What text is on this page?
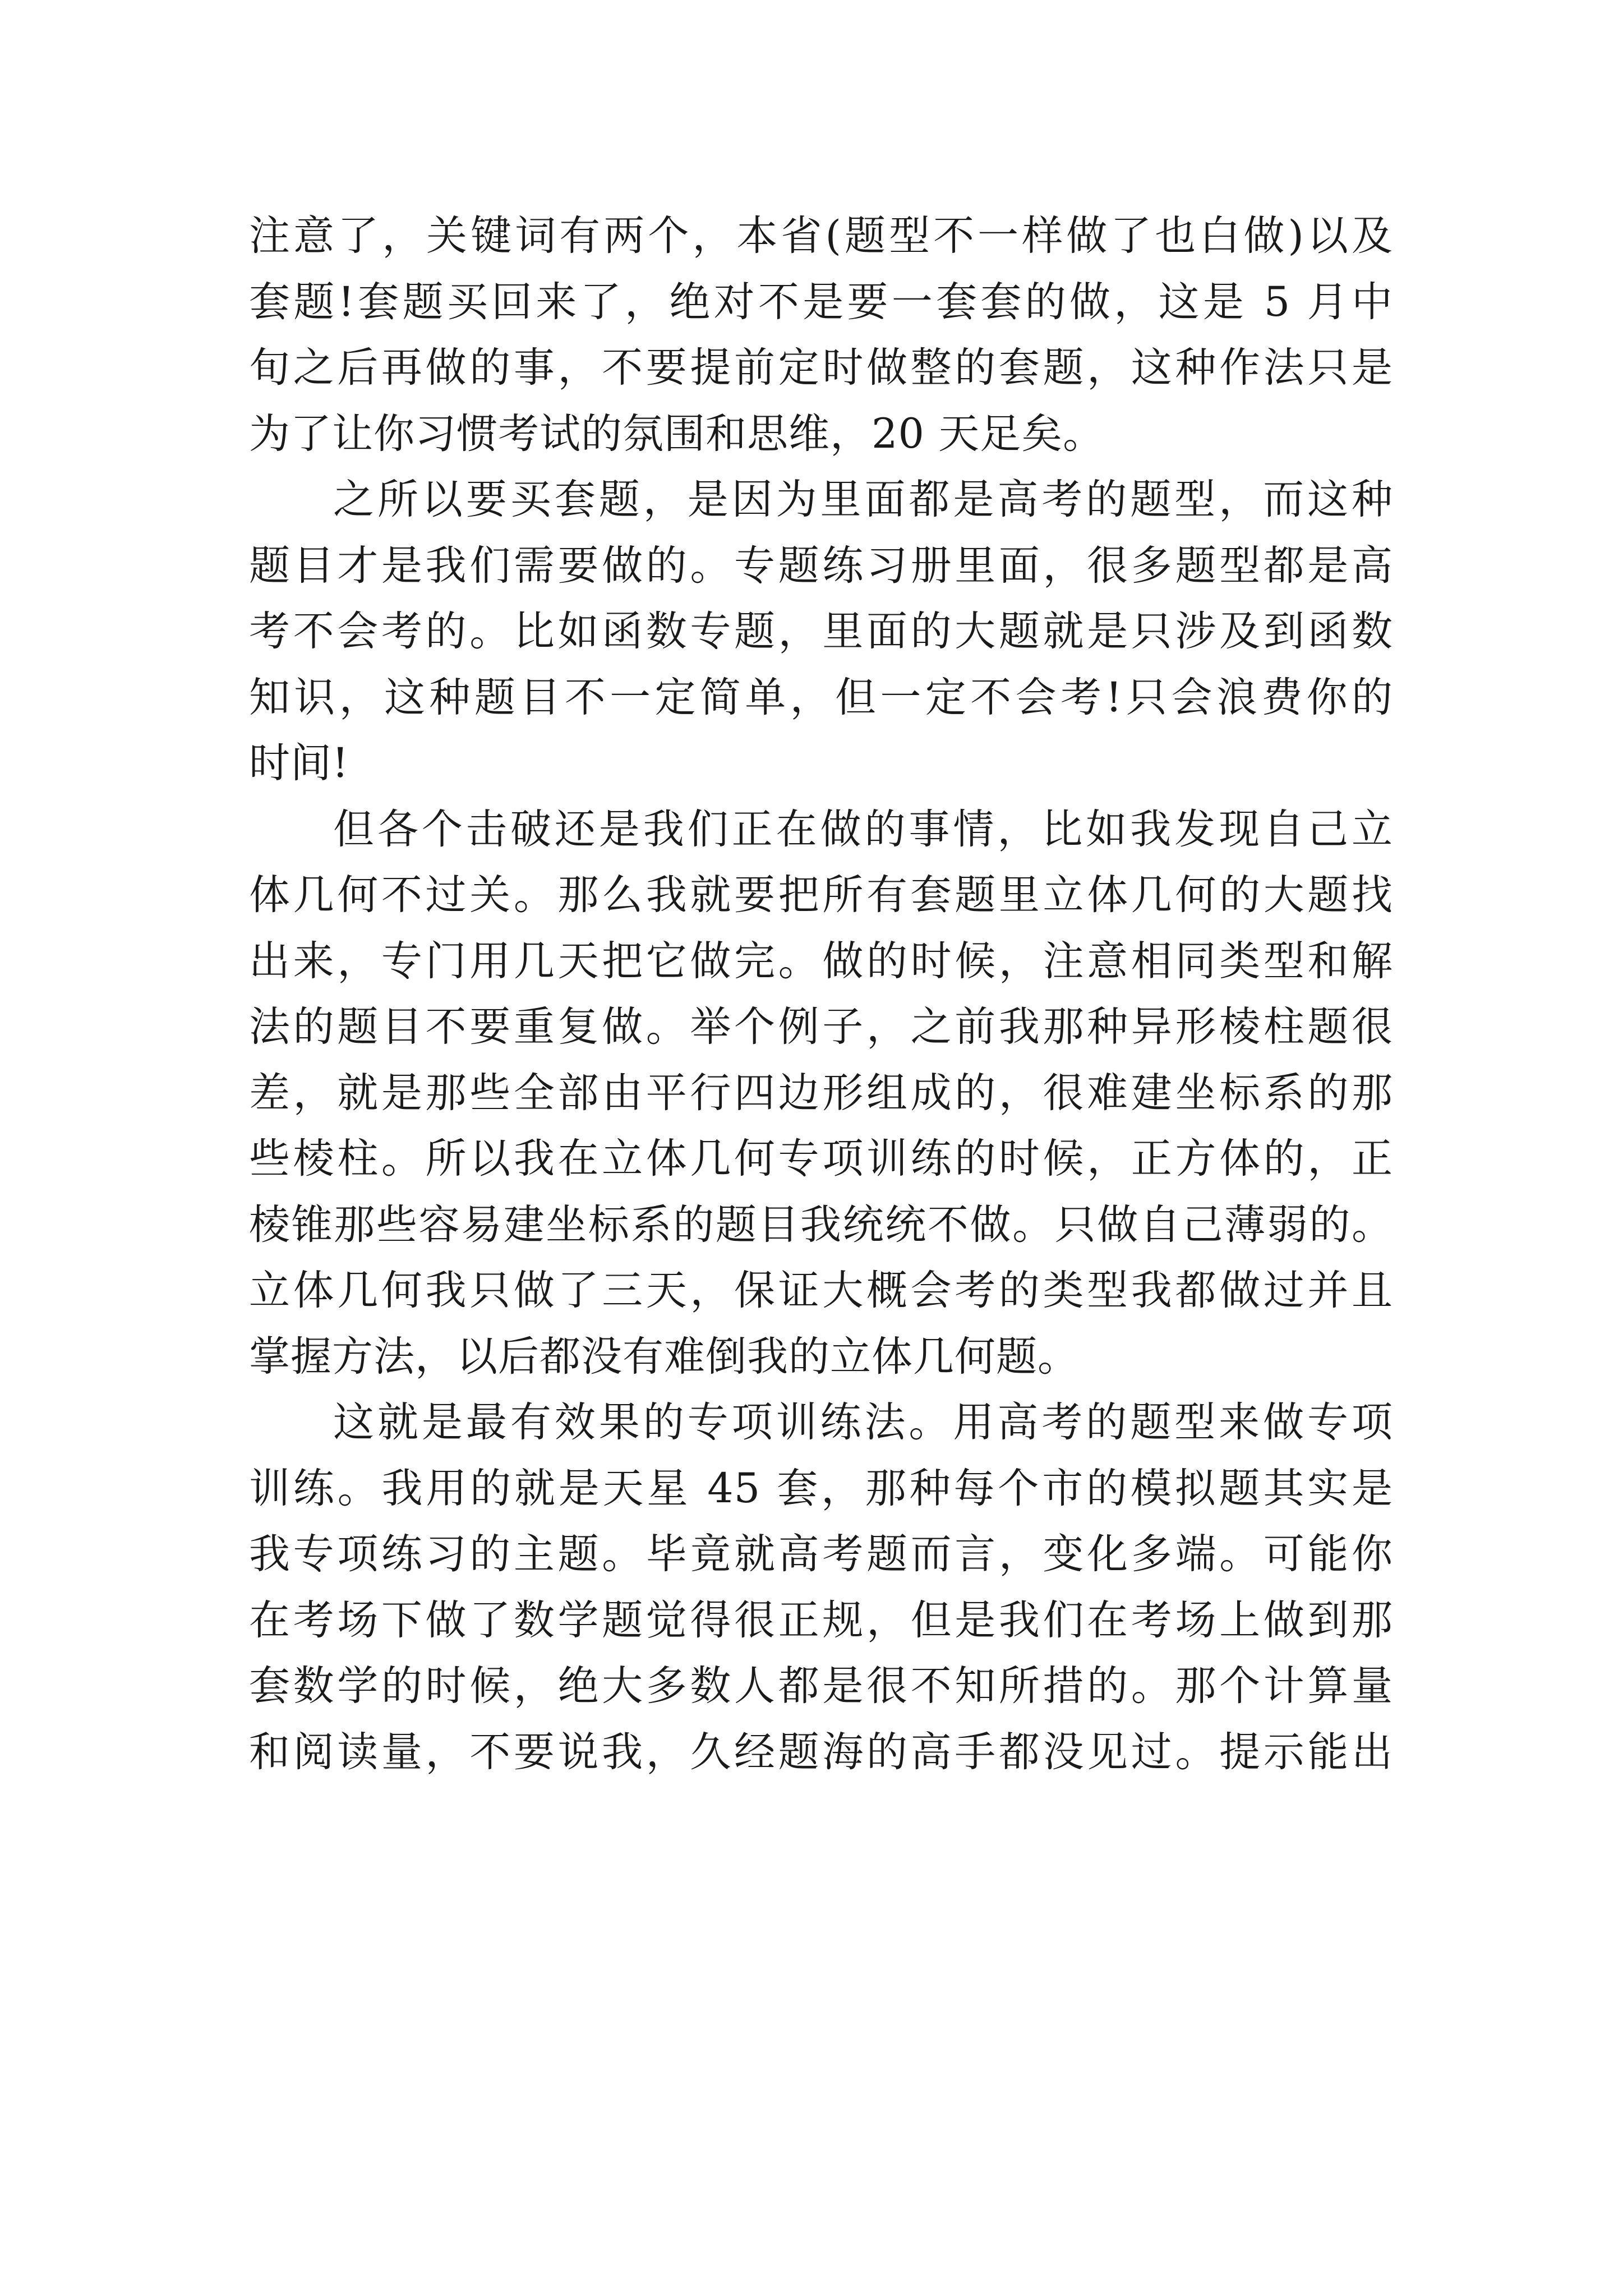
注意了，关键词有两个，本省(题型不一样做了也白做)以及
套题!套题买回来了，绝对不是要一套套的做，这是 5 月中
旬之后再做的事，不要提前定时做整的套题，这种作法只是
为了让你习惯考试的氛围和思维，20 天足矣。
之所以要买套题，是因为里面都是高考的题型，而这种
题目才是我们需要做的。专题练习册里面，很多题型都是高
考不会考的。比如函数专题，里面的大题就是只涉及到函数
知识，这种题目不一定简单，但一定不会考!只会浪费你的
时间!
但各个击破还是我们正在做的事情，比如我发现自己立
体几何不过关。那么我就要把所有套题里立体几何的大题找
出来，专门用几天把它做完。做的时候，注意相同类型和解
法的题目不要重复做。举个例子，之前我那种异形棱柱题很
差，就是那些全部由平行四边形组成的，很难建坐标系的那
些棱柱。所以我在立体几何专项训练的时候，正方体的，正
棱锥那些容易建坐标系的题目我统统不做。只做自己薄弱的。
立体几何我只做了三天，保证大概会考的类型我都做过并且
掌握方法，以后都没有难倒我的立体几何题。
这就是最有效果的专项训练法。用高考的题型来做专项
训练。我用的就是天星 45 套，那种每个市的模拟题其实是
我专项练习的主题。毕竟就高考题而言，变化多端。可能你
在考场下做了数学题觉得很正规，但是我们在考场上做到那
套数学的时候，绝大多数人都是很不知所措的。那个计算量
和阅读量，不要说我，久经题海的高手都没见过。提示能出
